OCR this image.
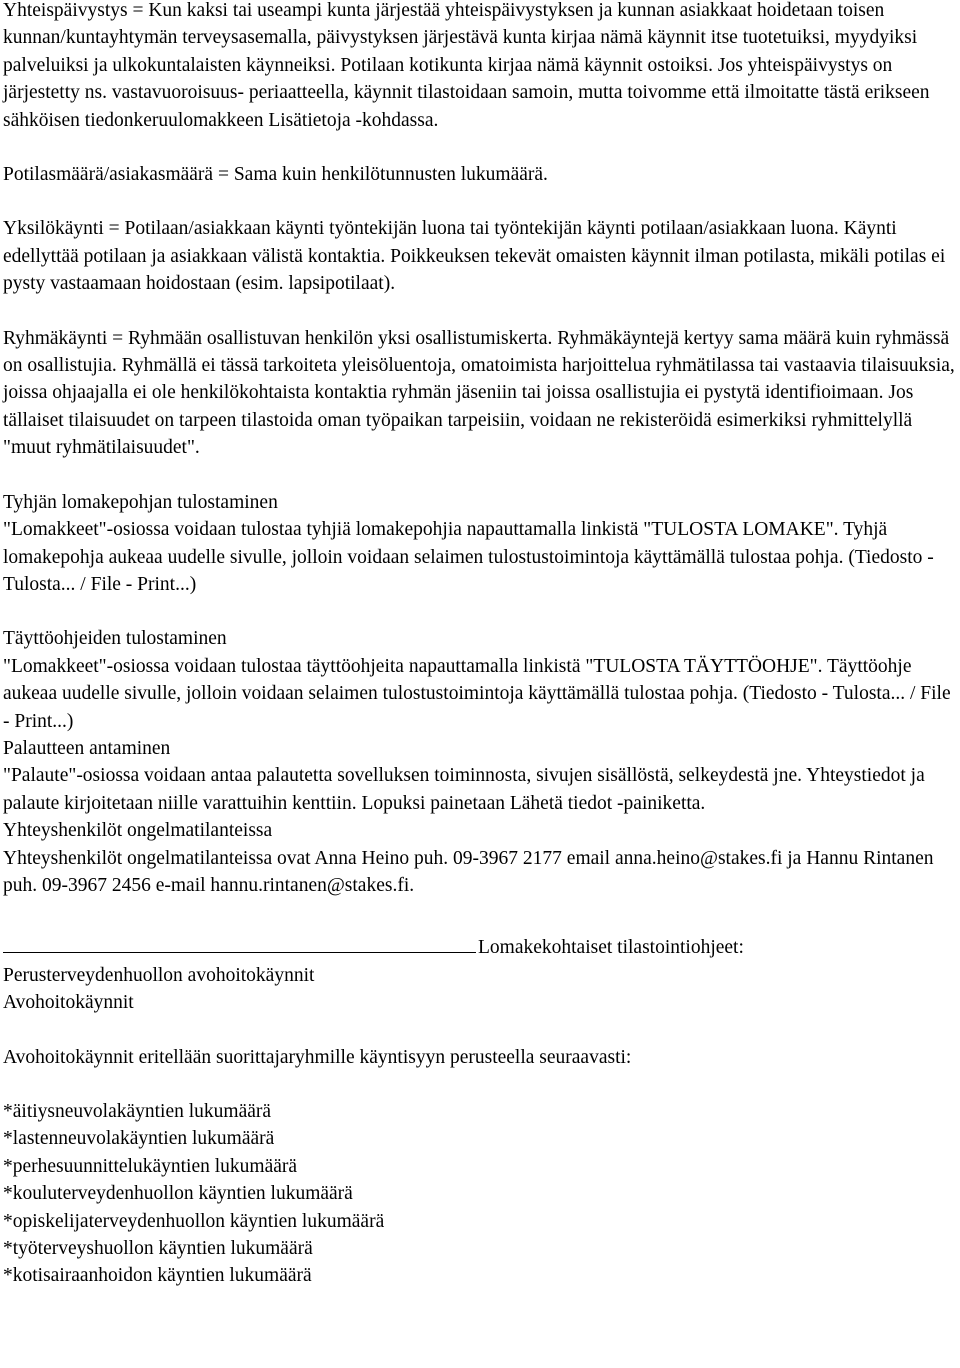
Yhteispäivystys = Kun kaksi tai useampi kunta järjestää yhteispäivystyksen ja kunnan asiakkaat hoidetaan toisen kunnan/kuntayhtymän terveysasemalla, päivystyksen järjestävä kunta kirjaa nämä käynnit itse tuotetuiksi, myydyiksi palveluiksi ja ulkokuntalaisten käynneiksi. Potilaan kotikunta kirjaa nämä käynnit ostoiksi. Jos yhteispäivystys on järjestetty ns. vastavuoroisuus- periaatteella, käynnit tilastoidaan samoin, mutta toivomme että ilmoitatte tästä erikseen sähköisen tiedonkeruulomakkeen Lisätietoja -kohdassa.

Potilasmäärä/asiakasmäärä = Sama kuin henkilötunnusten lukumäärä.

Yksilökäynti = Potilaan/asiakkaan käynti työntekijän luona tai työntekijän käynti potilaan/asiakkaan luona. Käynti edellyttää potilaan ja asiakkaan välistä kontaktia. Poikkeuksen tekevät omaisten käynnit ilman potilasta, mikäli potilas ei pysty vastaamaan hoidostaan (esim. lapsipotilaat).

Ryhmäkäynti = Ryhmään osallistuvan henkilön yksi osallistumiskerta. Ryhmäkäyntejä kertyy sama määrä kuin ryhmässä on osallistujia. Ryhmällä ei tässä tarkoiteta yleisöluentoja, omatoimista harjoittelua ryhmätilassa tai vastaavia tilaisuuksia, joissa ohjaajalla ei ole henkilökohtaista kontaktia ryhmän jäseniin tai joissa osallistujia ei pystytä identifioimaan. Jos tällaiset tilaisuudet on tarpeen tilastoida oman työpaikan tarpeisiin, voidaan ne rekisteröidä esimerkiksi ryhmittelyllä "muut ryhmätilaisuudet".

Tyhjän lomakepohjan tulostaminen

"Lomakkeet"-osiossa voidaan tulostaa tyhjiä lomakepohjia napauttamalla linkistä "TULOSTA LOMAKE". Tyhjä lomakepohja aukeaa uudelle sivulle, jolloin voidaan selaimen tulostustoimintoja käyttämällä tulostaa pohja. (Tiedosto - Tulosta... / File - Print...)

Täyttöohjeiden tulostaminen

"Lomakkeet"-osiossa voidaan tulostaa täyttöohjeita napauttamalla linkistä "TULOSTA TÄYTTÖOHJE". Täyttöohje aukeaa uudelle sivulle, jolloin voidaan selaimen tulostustoimintoja käyttämällä tulostaa pohja. (Tiedosto - Tulosta... / File - Print...)

Palautteen antaminen

"Palaute"-osiossa voidaan antaa palautetta sovelluksen toiminnosta, sivujen sisällöstä, selkeydestä jne. Yhteystiedot ja palaute kirjoitetaan niille varattuihin kenttiin. Lopuksi painetaan Lähetä tiedot -painiketta.

Yhteyshenkilöt ongelmatilanteissa

Yhteyshenkilöt ongelmatilanteissa ovat Anna Heino puh. 09-3967 2177 email anna.heino@stakes.fi ja Hannu Rintanen puh. 09-3967 2456 e-mail hannu.rintanen@stakes.fi.

Lomakekohtaiset tilastointiohjeet:

Perusterveydenhuollon avohoitokäynnit

Avohoitokäynnit

Avohoitokäynnit eritellään suorittajaryhmille käyntisyyn perusteella seuraavasti:

*äitiysneuvolakäyntien lukumäärä

*lastenneuvolakäyntien lukumäärä

*perhesuunnittelukäyntien lukumäärä

*kouluterveydenhuollon käyntien lukumäärä

*opiskelijaterveydenhuollon käyntien lukumäärä

*työterveyshuollon käyntien lukumäärä

*kotisairaanhoidon käyntien lukumäärä
